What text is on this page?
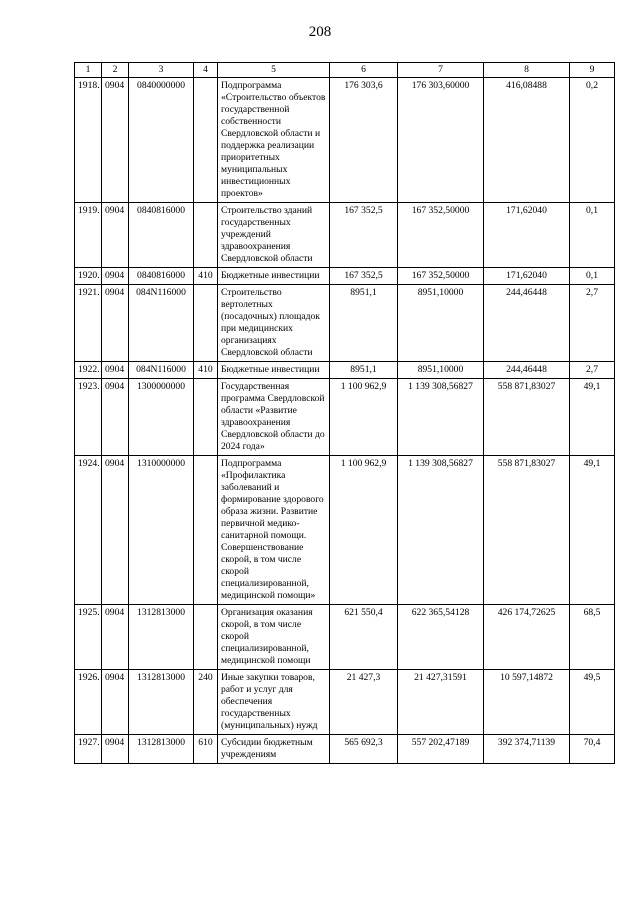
208
1	2	3	4	5	6	7	8	9
1918.	0904	0840000000		Подпрограмма «Строительство объектов государственной собственности Свердловской области и поддержка реализации приоритетных муниципальных инвестиционных проектов»	176 303,6	176 303,60000	416,08488	0,2
1919.	0904	0840816000		Строительство зданий государственных учреждений здравоохранения Свердловской области	167 352,5	167 352,50000	171,62040	0,1
1920.	0904	0840816000	410	Бюджетные инвестиции	167 352,5	167 352,50000	171,62040	0,1
1921.	0904	084N116000		Строительство вертолетных (посадочных) площадок при медицинских организациях Свердловской области	8951,1	8951,10000	244,46448	2,7
1922.	0904	084N116000	410	Бюджетные инвестиции	8951,1	8951,10000	244,46448	2,7
1923.	0904	1300000000		Государственная программа Свердловской области «Развитие здравоохранения Свердловской области до 2024 года»	1 100 962,9	1 139 308,56827	558 871,83027	49,1
1924.	0904	1310000000		Подпрограмма «Профилактика заболеваний и формирование здорового образа жизни. Развитие первичной медико-санитарной помощи. Совершенствование скорой, в том числе скорой специализированной, медицинской помощи»	1 100 962,9	1 139 308,56827	558 871,83027	49,1
1925.	0904	1312813000		Организация оказания скорой, в том числе скорой специализированной, медицинской помощи	621 550,4	622 365,54128	426 174,72625	68,5
1926.	0904	1312813000	240	Иные закупки товаров, работ и услуг для обеспечения государственных (муниципальных) нужд	21 427,3	21 427,31591	10 597,14872	49,5
1927.	0904	1312813000	610	Субсидии бюджетным учреждениям	565 692,3	557 202,47189	392 374,71139	70,4
